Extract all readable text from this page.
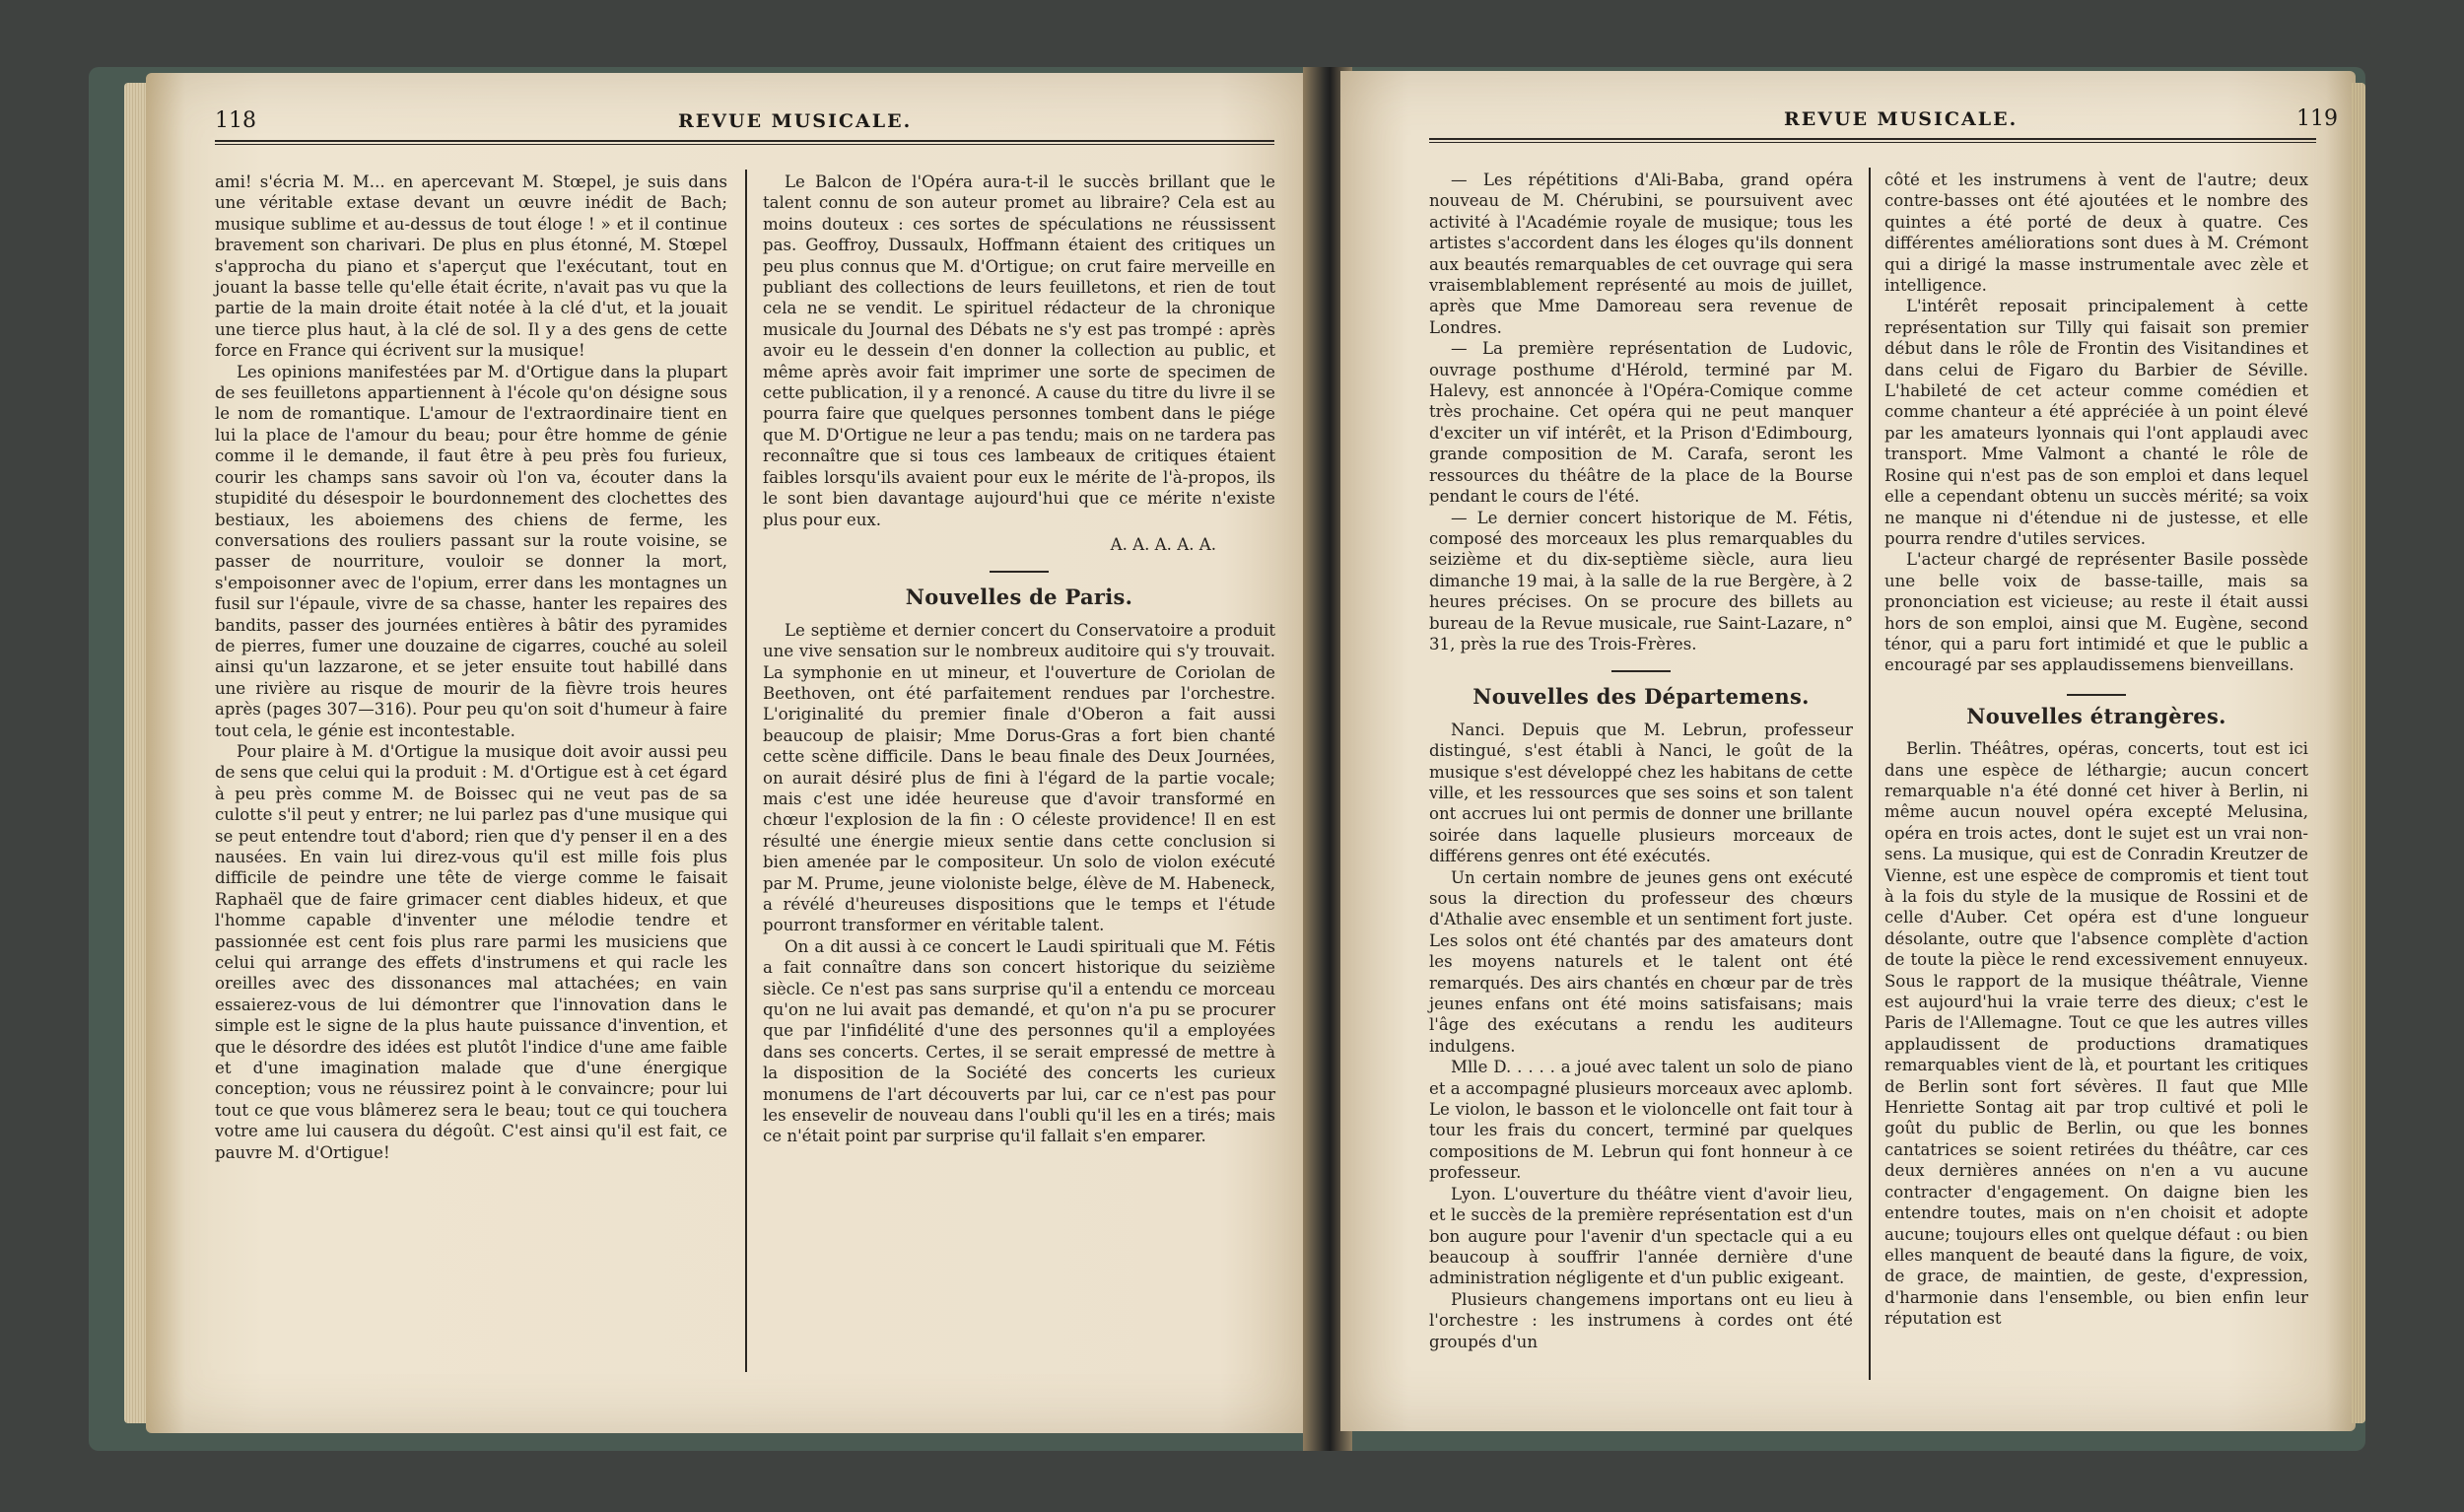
118	REVUE MUSICALE.

ami! s'écria M. M... en apercevant M. Stœpel, je suis dans une véritable extase devant un œuvre inédit de Bach; musique sublime et au-dessus de tout éloge ! » et il continue bravement son charivari. De plus en plus étonné, M. Stœpel s'approcha du piano et s'aperçut que l'exécutant, tout en jouant la basse telle qu'elle était écrite, n'avait pas vu que la partie de la main droite était notée à la clé d'ut, et la jouait une tierce plus haut, à la clé de sol. Il y a des gens de cette force en France qui écrivent sur la musique!

Les opinions manifestées par M. d'Ortigue dans la plupart de ses feuilletons appartiennent à l'école qu'on désigne sous le nom de romantique. L'amour de l'extraordinaire tient en lui la place de l'amour du beau; pour être homme de génie comme il le demande, il faut être à peu près fou furieux, courir les champs sans savoir où l'on va, écouter dans la stupidité du désespoir le bourdonnement des clochettes des bestiaux, les aboiemens des chiens de ferme, les conversations des rouliers passant sur la route voisine, se passer de nourriture, vouloir se donner la mort, s'empoisonner avec de l'opium, errer dans les montagnes un fusil sur l'épaule, vivre de sa chasse, hanter les repaires des bandits, passer des journées entières à bâtir des pyramides de pierres, fumer une douzaine de cigarres, couché au soleil ainsi qu'un lazzarone, et se jeter ensuite tout habillé dans une rivière au risque de mourir de la fièvre trois heures après (pages 307—316). Pour peu qu'on soit d'humeur à faire tout cela, le génie est incontestable.

Pour plaire à M. d'Ortigue la musique doit avoir aussi peu de sens que celui qui la produit : M. d'Ortigue est à cet égard à peu près comme M. de Boissec qui ne veut pas de sa culotte s'il peut y entrer; ne lui parlez pas d'une musique qui se peut entendre tout d'abord; rien que d'y penser il en a des nausées. En vain lui direz-vous qu'il est mille fois plus difficile de peindre une tête de vierge comme le faisait Raphaël que de faire grimacer cent diables hideux, et que l'homme capable d'inventer une mélodie tendre et passionnée est cent fois plus rare parmi les musiciens que celui qui arrange des effets d'instrumens et qui racle les oreilles avec des dissonances mal attachées; en vain essaierez-vous de lui démontrer que l'innovation dans le simple est le signe de la plus haute puissance d'invention, et que le désordre des idées est plutôt l'indice d'une ame faible et d'une imagination malade que d'une énergique conception; vous ne réussirez point à le convaincre; pour lui tout ce que vous blâmerez sera le beau; tout ce qui touchera votre ame lui causera du dégoût. C'est ainsi qu'il est fait, ce pauvre M. d'Ortigue!

Le Balcon de l'Opéra aura-t-il le succès brillant que le talent connu de son auteur promet au libraire? Cela est au moins douteux : ces sortes de spéculations ne réussissent pas. Geoffroy, Dussaulx, Hoffmann étaient des critiques un peu plus connus que M. d'Ortigue; on crut faire merveille en publiant des collections de leurs feuilletons, et rien de tout cela ne se vendit. Le spirituel rédacteur de la chronique musicale du Journal des Débats ne s'y est pas trompé : après avoir eu le dessein d'en donner la collection au public, et même après avoir fait imprimer une sorte de specimen de cette publication, il y a renoncé. A cause du titre du livre il se pourra faire que quelques personnes tombent dans le piége que M. D'Ortigue ne leur a pas tendu; mais on ne tardera pas reconnaître que si tous ces lambeaux de critiques étaient faibles lorsqu'ils avaient pour eux le mérite de l'à-propos, ils le sont bien davantage aujourd'hui que ce mérite n'existe plus pour eux.

A. A. A. A. A.

Nouvelles de Paris.

Le septième et dernier concert du Conservatoire a produit une vive sensation sur le nombreux auditoire qui s'y trouvait. La symphonie en ut mineur, et l'ouverture de Coriolan de Beethoven, ont été parfaitement rendues par l'orchestre. L'originalité du premier finale d'Oberon a fait aussi beaucoup de plaisir; Mme Dorus-Gras a fort bien chanté cette scène difficile. Dans le beau finale des Deux Journées, on aurait désiré plus de fini à l'égard de la partie vocale; mais c'est une idée heureuse que d'avoir transformé en chœur l'explosion de la fin : O céleste providence! Il en est résulté une énergie mieux sentie dans cette conclusion si bien amenée par le compositeur. Un solo de violon exécuté par M. Prume, jeune violoniste belge, élève de M. Habeneck, a révélé d'heureuses dispositions que le temps et l'étude pourront transformer en véritable talent.

On a dit aussi à ce concert le Laudi spirituali que M. Fétis a fait connaître dans son concert historique du seizième siècle. Ce n'est pas sans surprise qu'il a entendu ce morceau qu'on ne lui avait pas demandé, et qu'on n'a pu se procurer que par l'infidélité d'une des personnes qu'il a employées dans ses concerts. Certes, il se serait empressé de mettre à la disposition de la Société des concerts les curieux monumens de l'art découverts par lui, car ce n'est pas pour les ensevelir de nouveau dans l'oubli qu'il les en a tirés; mais ce n'était point par surprise qu'il fallait s'en emparer.

REVUE MUSICALE.	119

— Les répétitions d'Ali-Baba, grand opéra nouveau de M. Chérubini, se poursuivent avec activité à l'Académie royale de musique; tous les artistes s'accordent dans les éloges qu'ils donnent aux beautés remarquables de cet ouvrage qui sera vraisemblablement représenté au mois de juillet, après que Mme Damoreau sera revenue de Londres.

— La première représentation de Ludovic, ouvrage posthume d'Hérold, terminé par M. Halevy, est annoncée à l'Opéra-Comique comme très prochaine. Cet opéra qui ne peut manquer d'exciter un vif intérêt, et la Prison d'Edimbourg, grande composition de M. Carafa, seront les ressources du théâtre de la place de la Bourse pendant le cours de l'été.

— Le dernier concert historique de M. Fétis, composé des morceaux les plus remarquables du seizième et du dix-septième siècle, aura lieu dimanche 19 mai, à la salle de la rue Bergère, à 2 heures précises. On se procure des billets au bureau de la Revue musicale, rue Saint-Lazare, n° 31, près la rue des Trois-Frères.

Nouvelles des Départemens.

Nanci. Depuis que M. Lebrun, professeur distingué, s'est établi à Nanci, le goût de la musique s'est développé chez les habitans de cette ville, et les ressources que ses soins et son talent ont accrues lui ont permis de donner une brillante soirée dans laquelle plusieurs morceaux de différens genres ont été exécutés.

Un certain nombre de jeunes gens ont exécuté sous la direction du professeur des chœurs d'Athalie avec ensemble et un sentiment fort juste. Les solos ont été chantés par des amateurs dont les moyens naturels et le talent ont été remarqués. Des airs chantés en chœur par de très jeunes enfans ont été moins satisfaisans; mais l'âge des exécutans a rendu les auditeurs indulgens.

Mlle D. . . . . a joué avec talent un solo de piano et a accompagné plusieurs morceaux avec aplomb. Le violon, le basson et le violoncelle ont fait tour à tour les frais du concert, terminé par quelques compositions de M. Lebrun qui font honneur à ce professeur.

Lyon. L'ouverture du théâtre vient d'avoir lieu, et le succès de la première représentation est d'un bon augure pour l'avenir d'un spectacle qui a eu beaucoup à souffrir l'année dernière d'une administration négligente et d'un public exigeant.

Plusieurs changemens importans ont eu lieu à l'orchestre : les instrumens à cordes ont été groupés d'un

côté et les instrumens à vent de l'autre; deux contre-basses ont été ajoutées et le nombre des quintes a été porté de deux à quatre. Ces différentes améliorations sont dues à M. Crémont qui a dirigé la masse instrumentale avec zèle et intelligence.

L'intérêt reposait principalement à cette représentation sur Tilly qui faisait son premier début dans le rôle de Frontin des Visitandines et dans celui de Figaro du Barbier de Séville. L'habileté de cet acteur comme comédien et comme chanteur a été appréciée à un point élevé par les amateurs lyonnais qui l'ont applaudi avec transport. Mme Valmont a chanté le rôle de Rosine qui n'est pas de son emploi et dans lequel elle a cependant obtenu un succès mérité; sa voix ne manque ni d'étendue ni de justesse, et elle pourra rendre d'utiles services.

L'acteur chargé de représenter Basile possède une belle voix de basse-taille, mais sa prononciation est vicieuse; au reste il était aussi hors de son emploi, ainsi que M. Eugène, second ténor, qui a paru fort intimidé et que le public a encouragé par ses applaudissemens bienveillans.

Nouvelles étrangères.

Berlin. Théâtres, opéras, concerts, tout est ici dans une espèce de léthargie; aucun concert remarquable n'a été donné cet hiver à Berlin, ni même aucun nouvel opéra excepté Melusina, opéra en trois actes, dont le sujet est un vrai non-sens. La musique, qui est de Conradin Kreutzer de Vienne, est une espèce de compromis et tient tout à la fois du style de la musique de Rossini et de celle d'Auber. Cet opéra est d'une longueur désolante, outre que l'absence complète d'action de toute la pièce le rend excessivement ennuyeux. Sous le rapport de la musique théâtrale, Vienne est aujourd'hui la vraie terre des dieux; c'est le Paris de l'Allemagne. Tout ce que les autres villes applaudissent de productions dramatiques remarquables vient de là, et pourtant les critiques de Berlin sont fort sévères. Il faut que Mlle Henriette Sontag ait par trop cultivé et poli le goût du public de Berlin, ou que les bonnes cantatrices se soient retirées du théâtre, car ces deux dernières années on n'en a vu aucune contracter d'engagement. On daigne bien les entendre toutes, mais on n'en choisit et adopte aucune; toujours elles ont quelque défaut : ou bien elles manquent de beauté dans la figure, de voix, de grace, de maintien, de geste, d'expression, d'harmonie dans l'ensemble, ou bien enfin leur réputation est
